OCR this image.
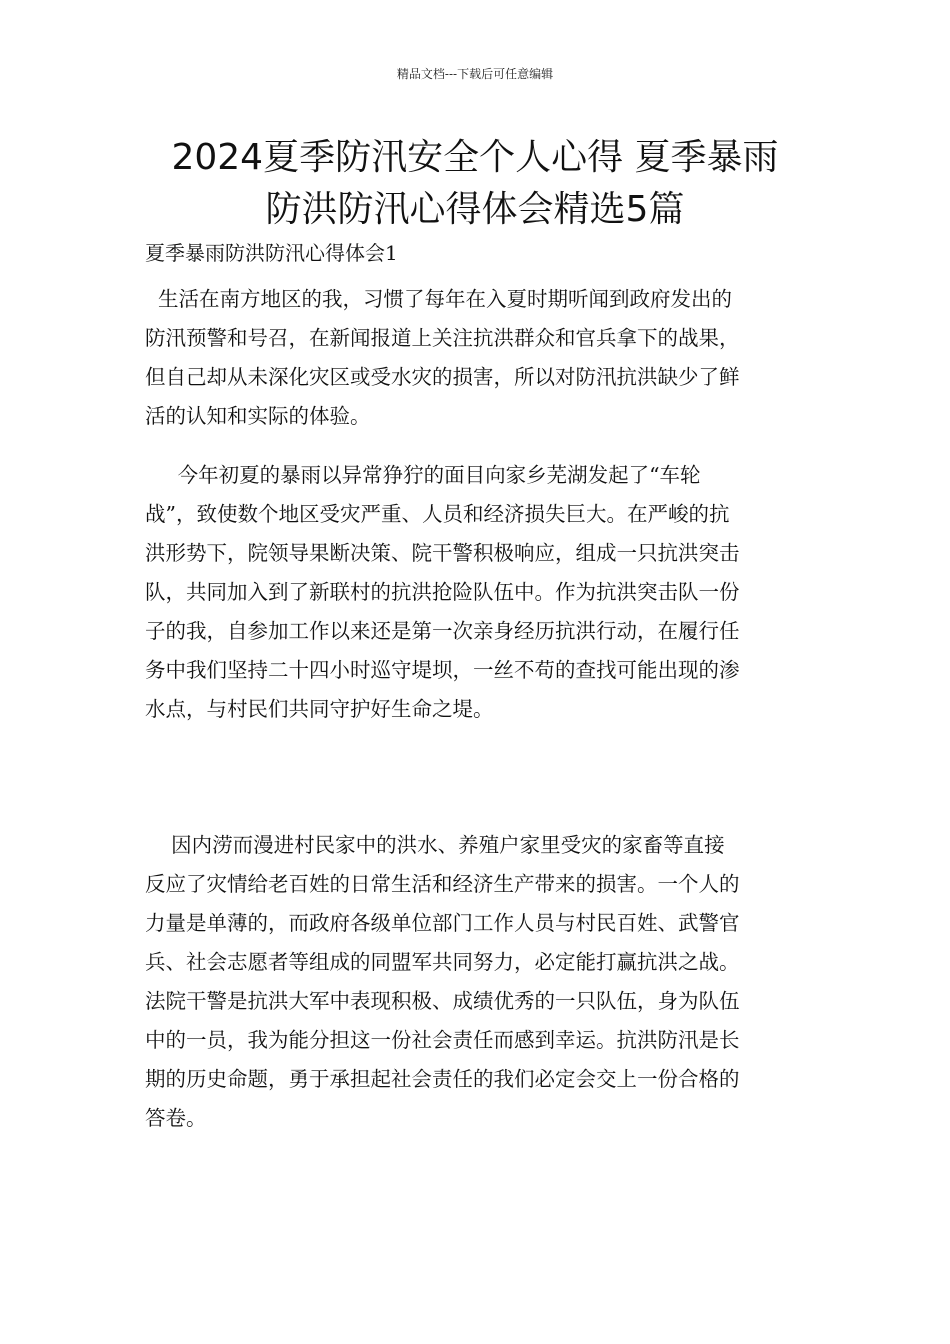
精品文档---下载后可任意编辑
2024夏季防汛安全个人心得 夏季暴雨
防洪防汛心得体会精选5篇
夏季暴雨防洪防汛心得体会1
生活在南方地区的我，习惯了每年在入夏时期听闻到政府发出的
防汛预警和号召，在新闻报道上关注抗洪群众和官兵拿下的战果，
但自己却从未深化灾区或受水灾的损害，所以对防汛抗洪缺少了鲜
活的认知和实际的体验。
今年初夏的暴雨以异常狰狞的面目向家乡芜湖发起了“车轮
战”，致使数个地区受灾严重、人员和经济损失巨大。在严峻的抗
洪形势下，院领导果断决策、院干警积极响应，组成一只抗洪突击
队，共同加入到了新联村的抗洪抢险队伍中。作为抗洪突击队一份
子的我，自参加工作以来还是第一次亲身经历抗洪行动，在履行任
务中我们坚持二十四小时巡守堤坝，一丝不苟的查找可能出现的渗
水点，与村民们共同守护好生命之堤。
因内涝而漫进村民家中的洪水、养殖户家里受灾的家畜等直接
反应了灾情给老百姓的日常生活和经济生产带来的损害。一个人的
力量是单薄的，而政府各级单位部门工作人员与村民百姓、武警官
兵、社会志愿者等组成的同盟军共同努力，必定能打赢抗洪之战。
法院干警是抗洪大军中表现积极、成绩优秀的一只队伍，身为队伍
中的一员，我为能分担这一份社会责任而感到幸运。抗洪防汛是长
期的历史命题，勇于承担起社会责任的我们必定会交上一份合格的
答卷。
